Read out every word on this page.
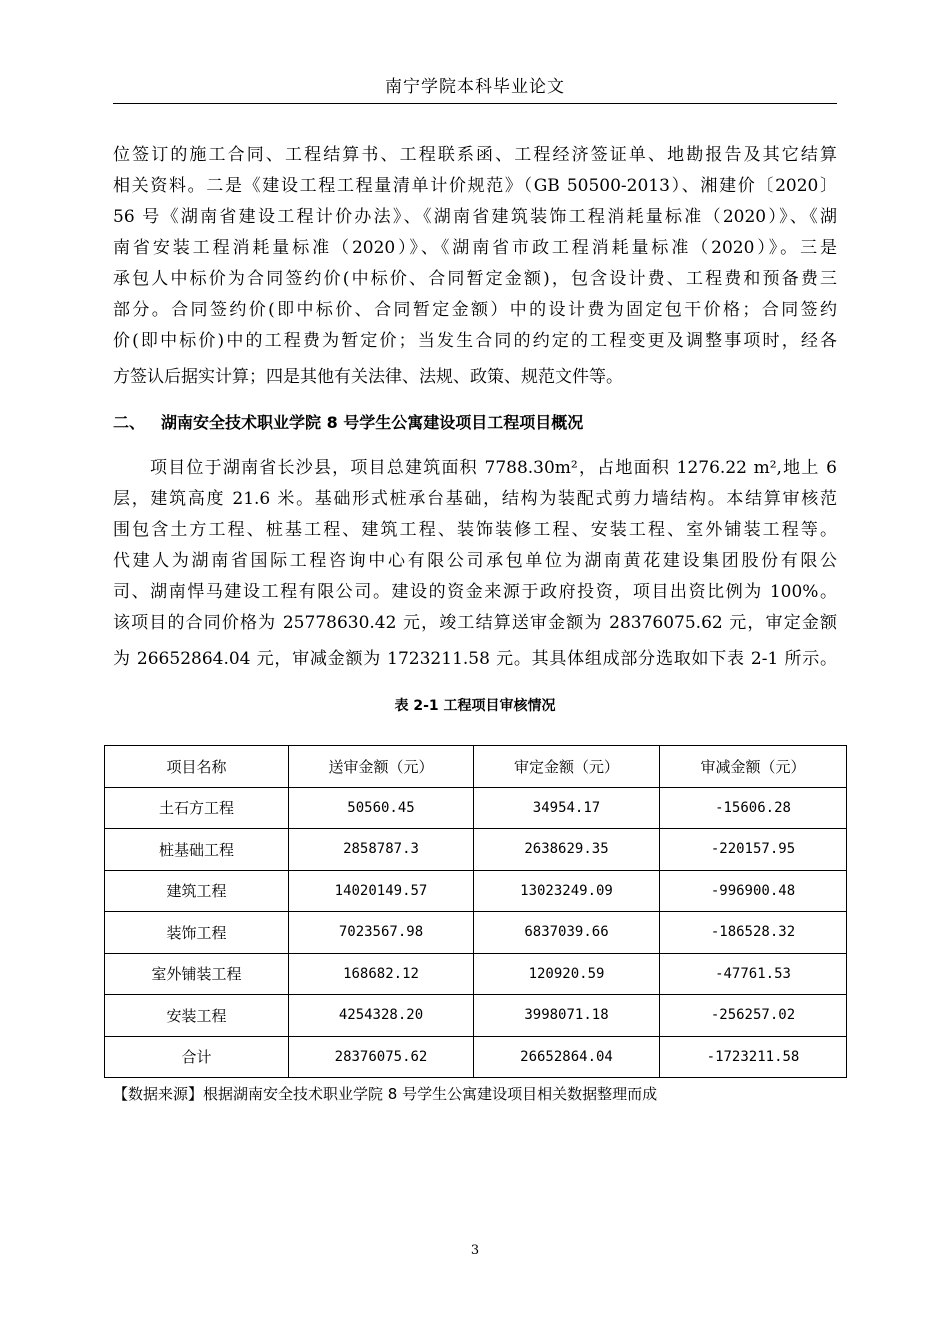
南宁学院本科毕业论文
位签订的施工合同、工程结算书、工程联系函、工程经济签证单、地勘报告及其它结算
相关资料。二是《建设工程工程量清单计价规范》（GB 50500-2013）、湘建价〔2020〕
56 号《湖南省建设工程计价办法》、《湖南省建筑装饰工程消耗量标准（2020）》、《湖
南省安装工程消耗量标准（2020）》、《湖南省市政工程消耗量标准（2020）》。三是
承包人中标价为合同签约价(中标价、合同暂定金额)，包含设计费、工程费和预备费三
部分。合同签约价(即中标价、合同暂定金额）中的设计费为固定包干价格；合同签约
价(即中标价)中的工程费为暂定价；当发生合同的约定的工程变更及调整事项时，经各
方签认后据实计算；四是其他有关法律、法规、政策、规范文件等。
二、 湖南安全技术职业学院 8 号学生公寓建设项目工程项目概况
项目位于湖南省长沙县，项目总建筑面积 7788.30m²，占地面积 1276.22 m²,地上 6
层，建筑高度 21.6 米。基础形式桩承台基础，结构为装配式剪力墙结构。本结算审核范
围包含土方工程、桩基工程、建筑工程、装饰装修工程、安装工程、室外铺装工程等。
代建人为湖南省国际工程咨询中心有限公司承包单位为湖南黄花建设集团股份有限公
司、湖南悍马建设工程有限公司。建设的资金来源于政府投资，项目出资比例为 100%。
该项目的合同价格为 25778630.42 元，竣工结算送审金额为 28376075.62 元，审定金额
为 26652864.04 元，审减金额为 1723211.58 元。其具体组成部分选取如下表 2-1 所示。
表 2-1 工程项目审核情况
项目名称	送审金额（元）	审定金额（元）	审减金额（元）
土石方工程	50560.45	34954.17	-15606.28
桩基础工程	2858787.3	2638629.35	-220157.95
建筑工程	14020149.57	13023249.09	-996900.48
装饰工程	7023567.98	6837039.66	-186528.32
室外铺装工程	168682.12	120920.59	-47761.53
安装工程	4254328.20	3998071.18	-256257.02
合计	28376075.62	26652864.04	-1723211.58
【数据来源】根据湖南安全技术职业学院 8 号学生公寓建设项目相关数据整理而成
3
